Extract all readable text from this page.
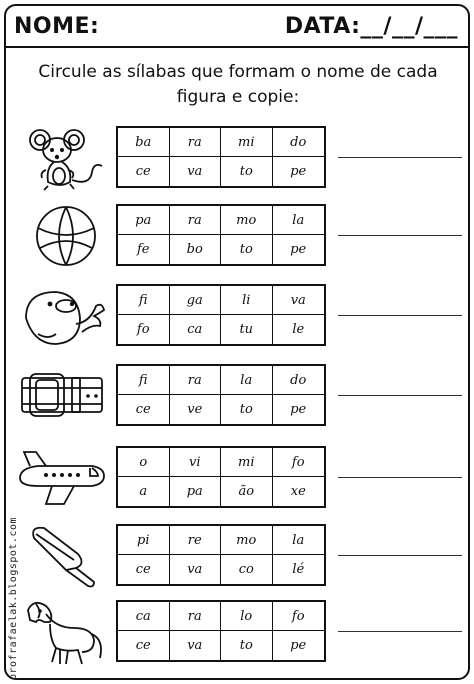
NOME:	DATA:__/__/___
Circule as sílabas que formam o nome de cada figura e copie:
profrafaelak.blogspot.com
ba	ra	mi	do
ce	va	to	pe
pa	ra	mo	la
fe	bo	to	pe
fi	ga	li	va
fo	ca	tu	le
fi	ra	la	do
ce	ve	to	pe
o	vi	mi	fo
a	pa	ão	xe
pi	re	mo	la
ce	va	co	lé
ca	ra	lo	fo
ce	va	to	pe
